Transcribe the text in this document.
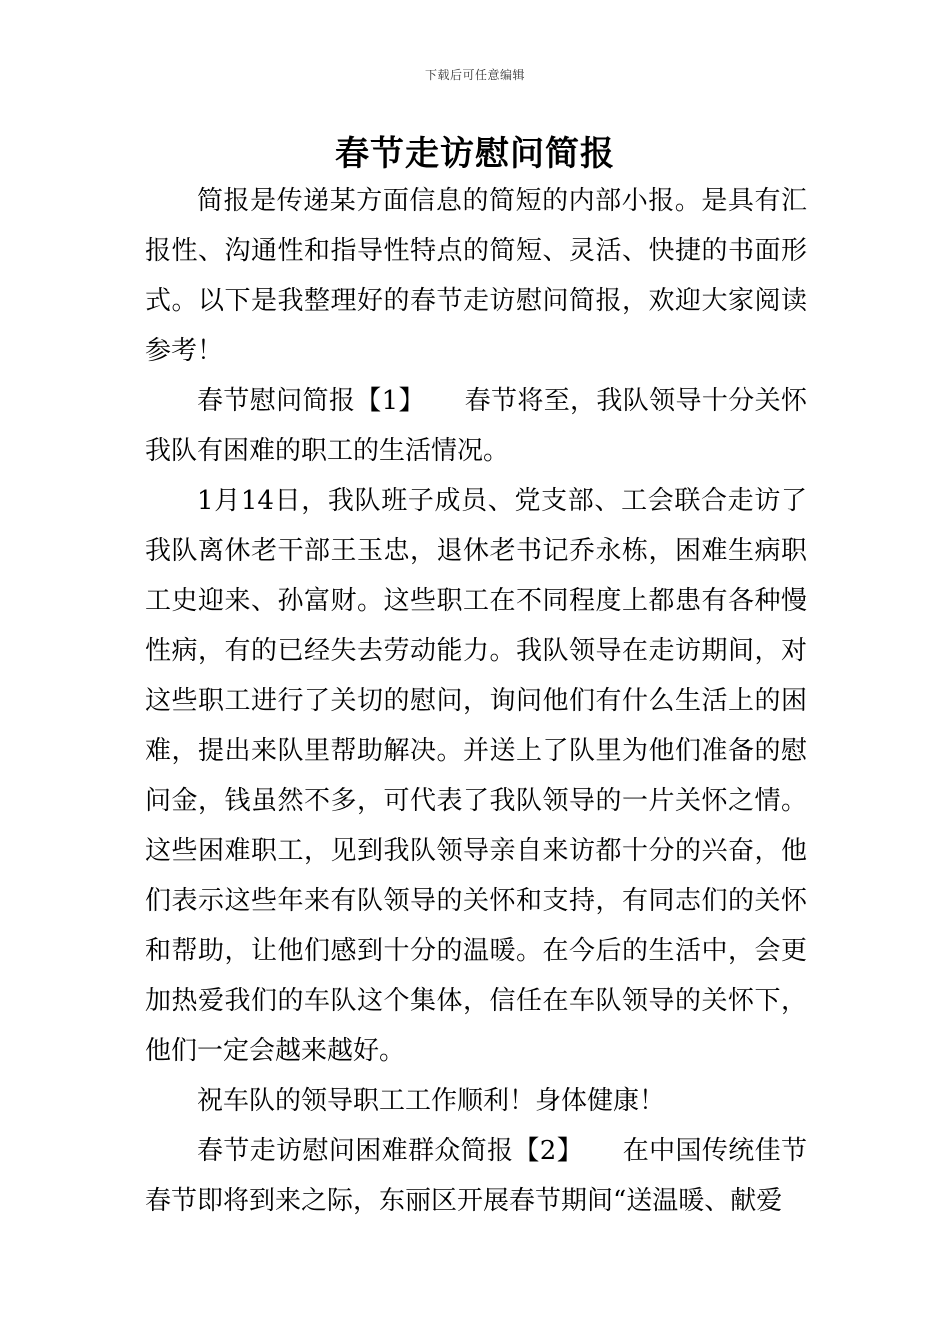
下载后可任意编辑
春节走访慰问简报

简报是传递某方面信息的简短的内部小报。是具有汇报性、沟通性和指导性特点的简短、灵活、快捷的书面形式。以下是我整理好的春节走访慰问简报，欢迎大家阅读参考！

春节慰问简报【1】　　春节将至，我队领导十分关怀我队有困难的职工的生活情况。

1月14日，我队班子成员、党支部、工会联合走访了我队离休老干部王玉忠，退休老书记乔永栋，困难生病职工史迎来、孙富财。这些职工在不同程度上都患有各种慢性病，有的已经失去劳动能力。我队领导在走访期间，对这些职工进行了关切的慰问，询问他们有什么生活上的困难，提出来队里帮助解决。并送上了队里为他们准备的慰问金，钱虽然不多，可代表了我队领导的一片关怀之情。这些困难职工，见到我队领导亲自来访都十分的兴奋，他们表示这些年来有队领导的关怀和支持，有同志们的关怀和帮助，让他们感到十分的温暖。在今后的生活中，会更加热爱我们的车队这个集体，信任在车队领导的关怀下，他们一定会越来越好。

祝车队的领导职工工作顺利！身体健康！

春节走访慰问困难群众简报【2】　　在中国传统佳节春节即将到来之际，东丽区开展春节期间“送温暖、献爱
